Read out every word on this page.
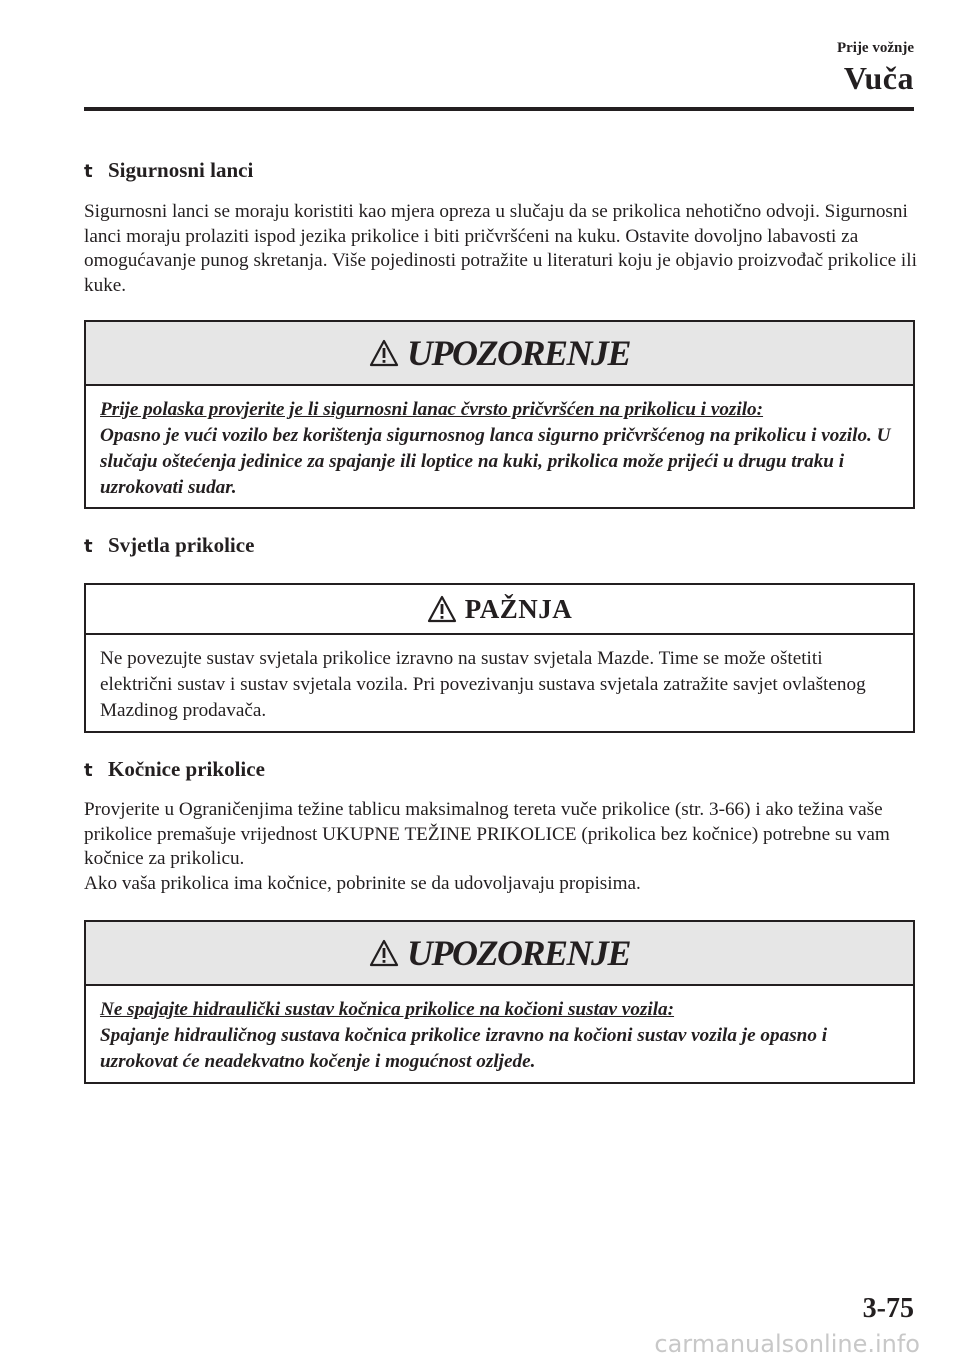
Prije vožnje
Vuča
t Sigurnosni lanci

Sigurnosni lanci se moraju koristiti kao mjera opreza u slučaju da se prikolica nehotično odvoji. Sigurnosni lanci moraju prolaziti ispod jezika prikolice i biti pričvršćeni na kuku. Ostavite dovoljno labavosti za omogućavanje punog skretanja. Više pojedinosti potražite u literaturi koju je objavio proizvođač prikolice ili kuke.

UPOZORENJE
Prije polaska provjerite je li sigurnosni lanac čvrsto pričvršćen na prikolicu i vozilo:
Opasno je vući vozilo bez korištenja sigurnosnog lanca sigurno pričvršćenog na prikolicu i vozilo. U slučaju oštećenja jedinice za spajanje ili loptice na kuki, prikolica može prijeći u drugu traku i uzrokovati sudar.
t Svjetla prikolice
PAŽNJA
Ne povezujte sustav svjetala prikolice izravno na sustav svjetala Mazde. Time se može oštetiti električni sustav i sustav svjetala vozila. Pri povezivanju sustava svjetala zatražite savjet ovlaštenog Mazdinog prodavača.
t Kočnice prikolice

Provjerite u Ograničenjima težine tablicu maksimalnog tereta vuče prikolice (str. 3-66) i ako težina vaše prikolice premašuje vrijednost UKUPNE TEŽINE PRIKOLICE (prikolica bez kočnice) potrebne su vam kočnice za prikolicu.

Ako vaša prikolica ima kočnice, pobrinite se da udovoljavaju propisima.

UPOZORENJE
Ne spajajte hidraulički sustav kočnica prikolice na kočioni sustav vozila:
Spajanje hidrauličnog sustava kočnica prikolice izravno na kočioni sustav vozila je opasno i uzrokovat će neadekvatno kočenje i mogućnost ozljede.
3-75
carmanualsonline.info
